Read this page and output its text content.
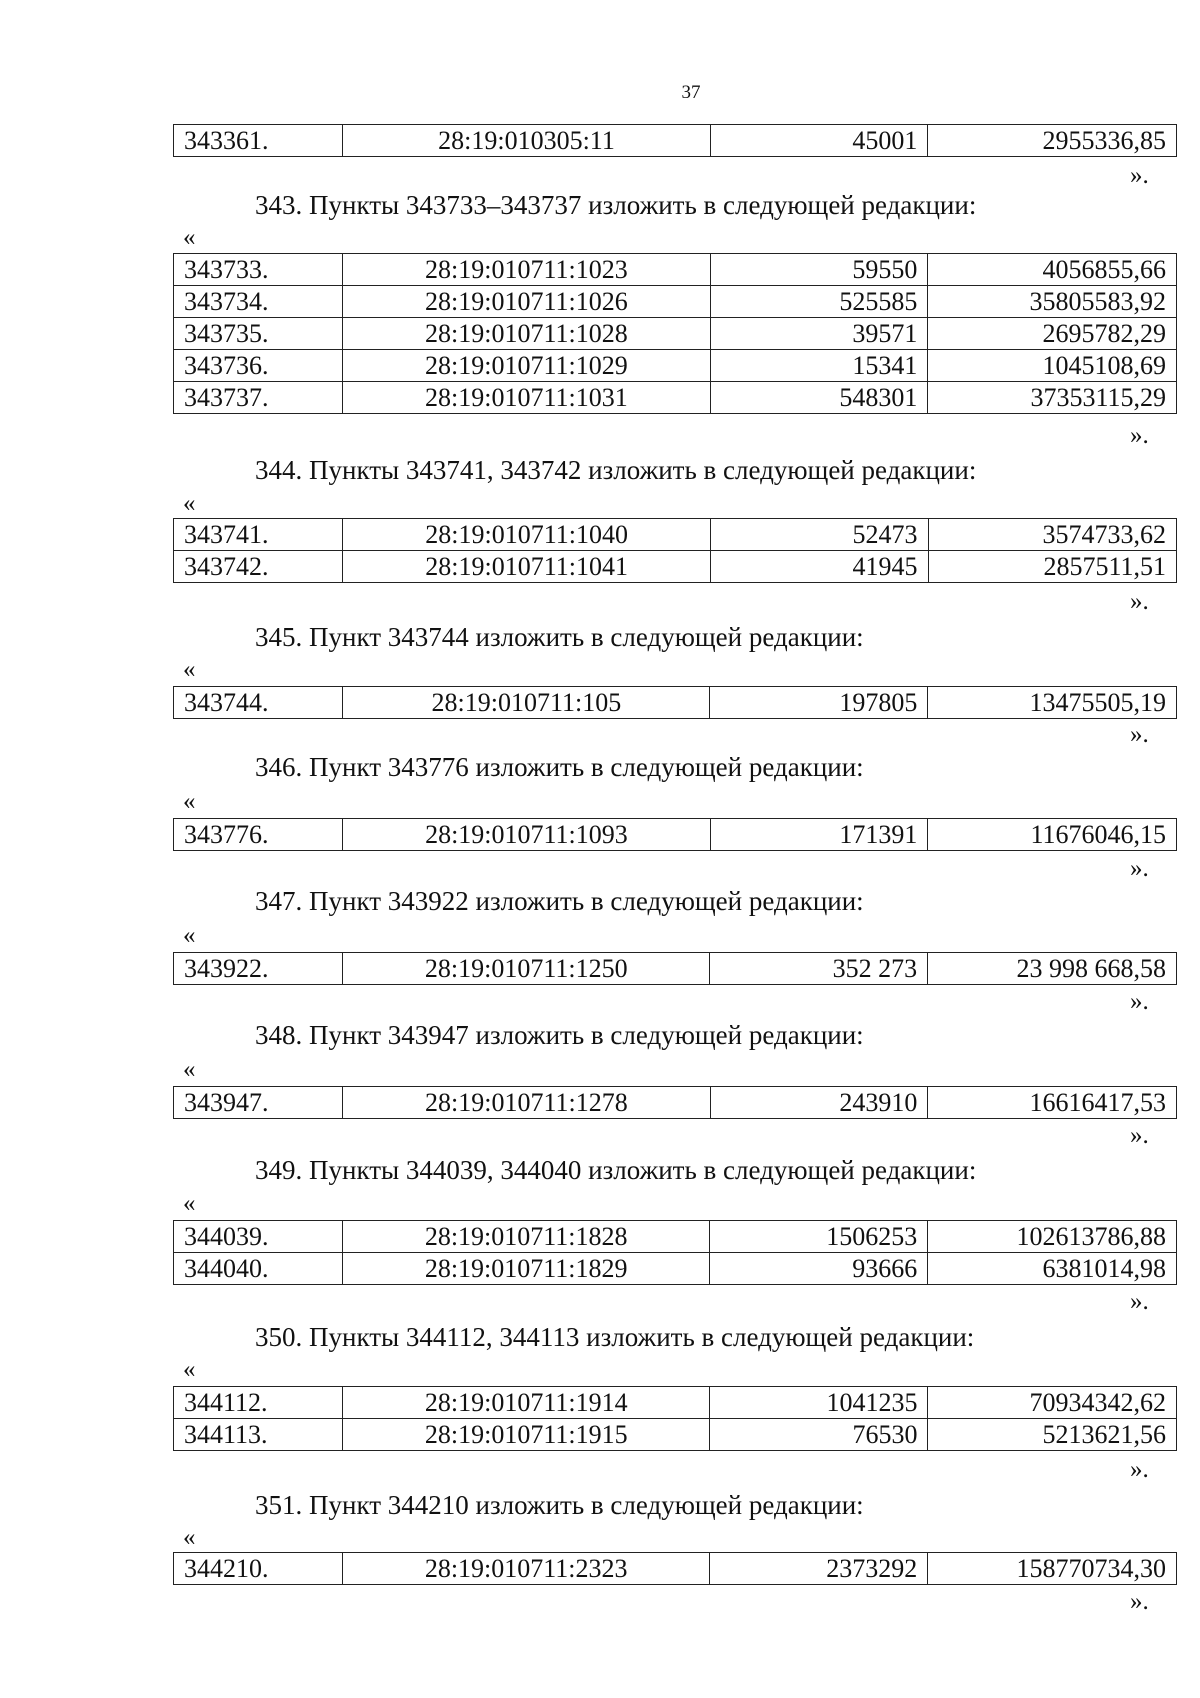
37
343361.	28:19:010305:11	45001	2955336,85
».
343. Пункты 343733–343737 изложить в следующей редакции:
«
343733.	28:19:010711:1023	59550	4056855,66
343734.	28:19:010711:1026	525585	35805583,92
343735.	28:19:010711:1028	39571	2695782,29
343736.	28:19:010711:1029	15341	1045108,69
343737.	28:19:010711:1031	548301	37353115,29
».
344. Пункты 343741, 343742 изложить в следующей редакции:
«
343741.	28:19:010711:1040	52473	3574733,62
343742.	28:19:010711:1041	41945	2857511,51
».
345. Пункт 343744 изложить в следующей редакции:
«
343744.	28:19:010711:105	197805	13475505,19
».
346. Пункт 343776 изложить в следующей редакции:
«
343776.	28:19:010711:1093	171391	11676046,15
».
347. Пункт 343922 изложить в следующей редакции:
«
343922.	28:19:010711:1250	352 273	23 998 668,58
».
348. Пункт 343947 изложить в следующей редакции:
«
343947.	28:19:010711:1278	243910	16616417,53
».
349. Пункты 344039, 344040 изложить в следующей редакции:
«
344039.	28:19:010711:1828	1506253	102613786,88
344040.	28:19:010711:1829	93666	6381014,98
».
350. Пункты 344112, 344113 изложить в следующей редакции:
«
344112.	28:19:010711:1914	1041235	70934342,62
344113.	28:19:010711:1915	76530	5213621,56
».
351. Пункт 344210 изложить в следующей редакции:
«
344210.	28:19:010711:2323	2373292	158770734,30
».
